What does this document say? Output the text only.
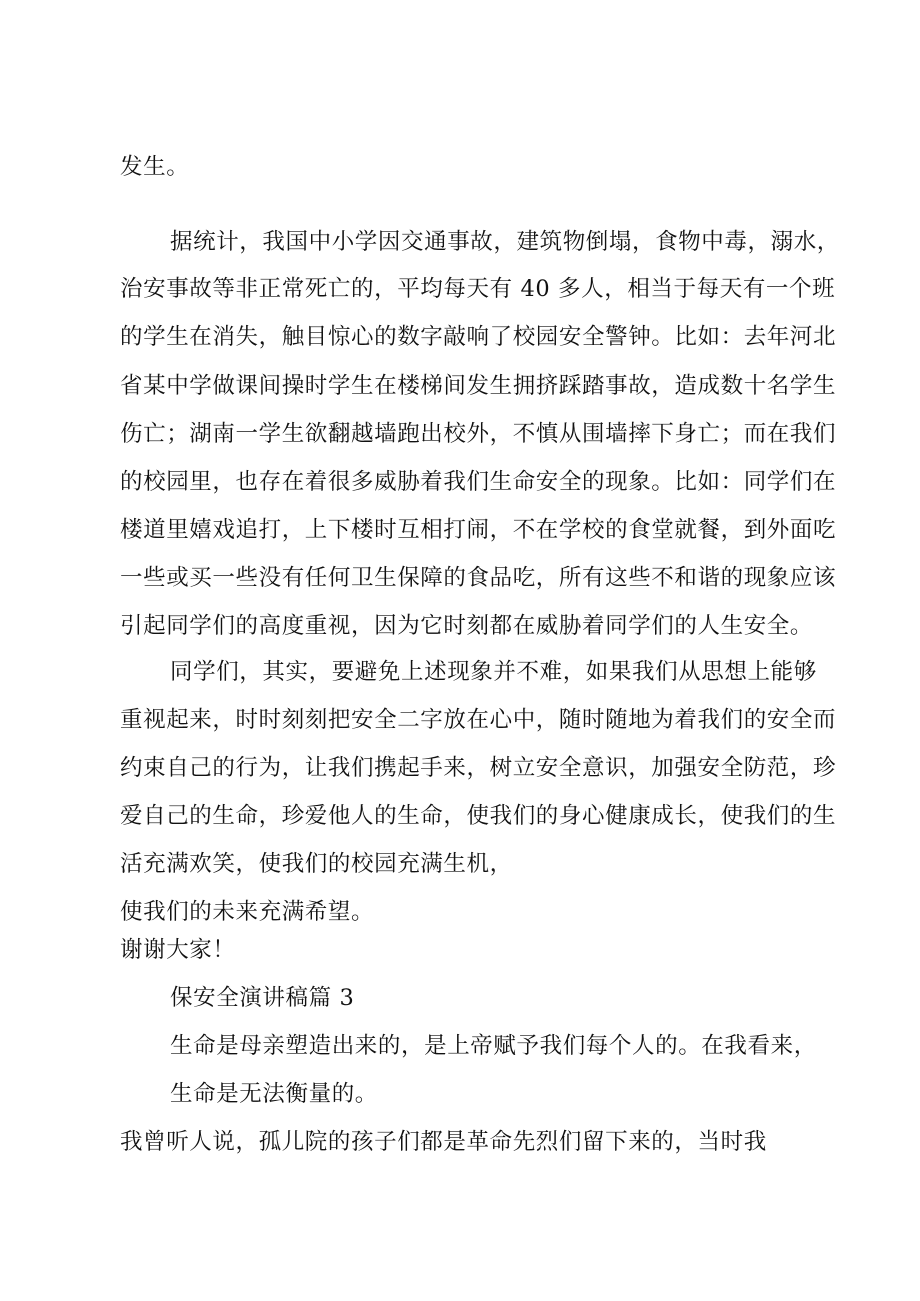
发生。
据统计，我国中小学因交通事故，建筑物倒塌，食物中毒，溺水，
治安事故等非正常死亡的，平均每天有 40 多人，相当于每天有一个班
的学生在消失，触目惊心的数字敲响了校园安全警钟。比如：去年河北
省某中学做课间操时学生在楼梯间发生拥挤踩踏事故，造成数十名学生
伤亡；湖南一学生欲翻越墙跑出校外，不慎从围墙摔下身亡；而在我们
的校园里，也存在着很多威胁着我们生命安全的现象。比如：同学们在
楼道里嬉戏追打，上下楼时互相打闹，不在学校的食堂就餐，到外面吃
一些或买一些没有任何卫生保障的食品吃，所有这些不和谐的现象应该
引起同学们的高度重视，因为它时刻都在威胁着同学们的人生安全。
同学们，其实，要避免上述现象并不难，如果我们从思想上能够
重视起来，时时刻刻把安全二字放在心中，随时随地为着我们的安全而
约束自己的行为，让我们携起手来，树立安全意识，加强安全防范，珍
爱自己的生命，珍爱他人的生命，使我们的身心健康成长，使我们的生
活充满欢笑，使我们的校园充满生机，
使我们的未来充满希望。
谢谢大家！
保安全演讲稿篇 3
生命是母亲塑造出来的，是上帝赋予我们每个人的。在我看来，
生命是无法衡量的。
我曾听人说，孤儿院的孩子们都是革命先烈们留下来的，当时我
